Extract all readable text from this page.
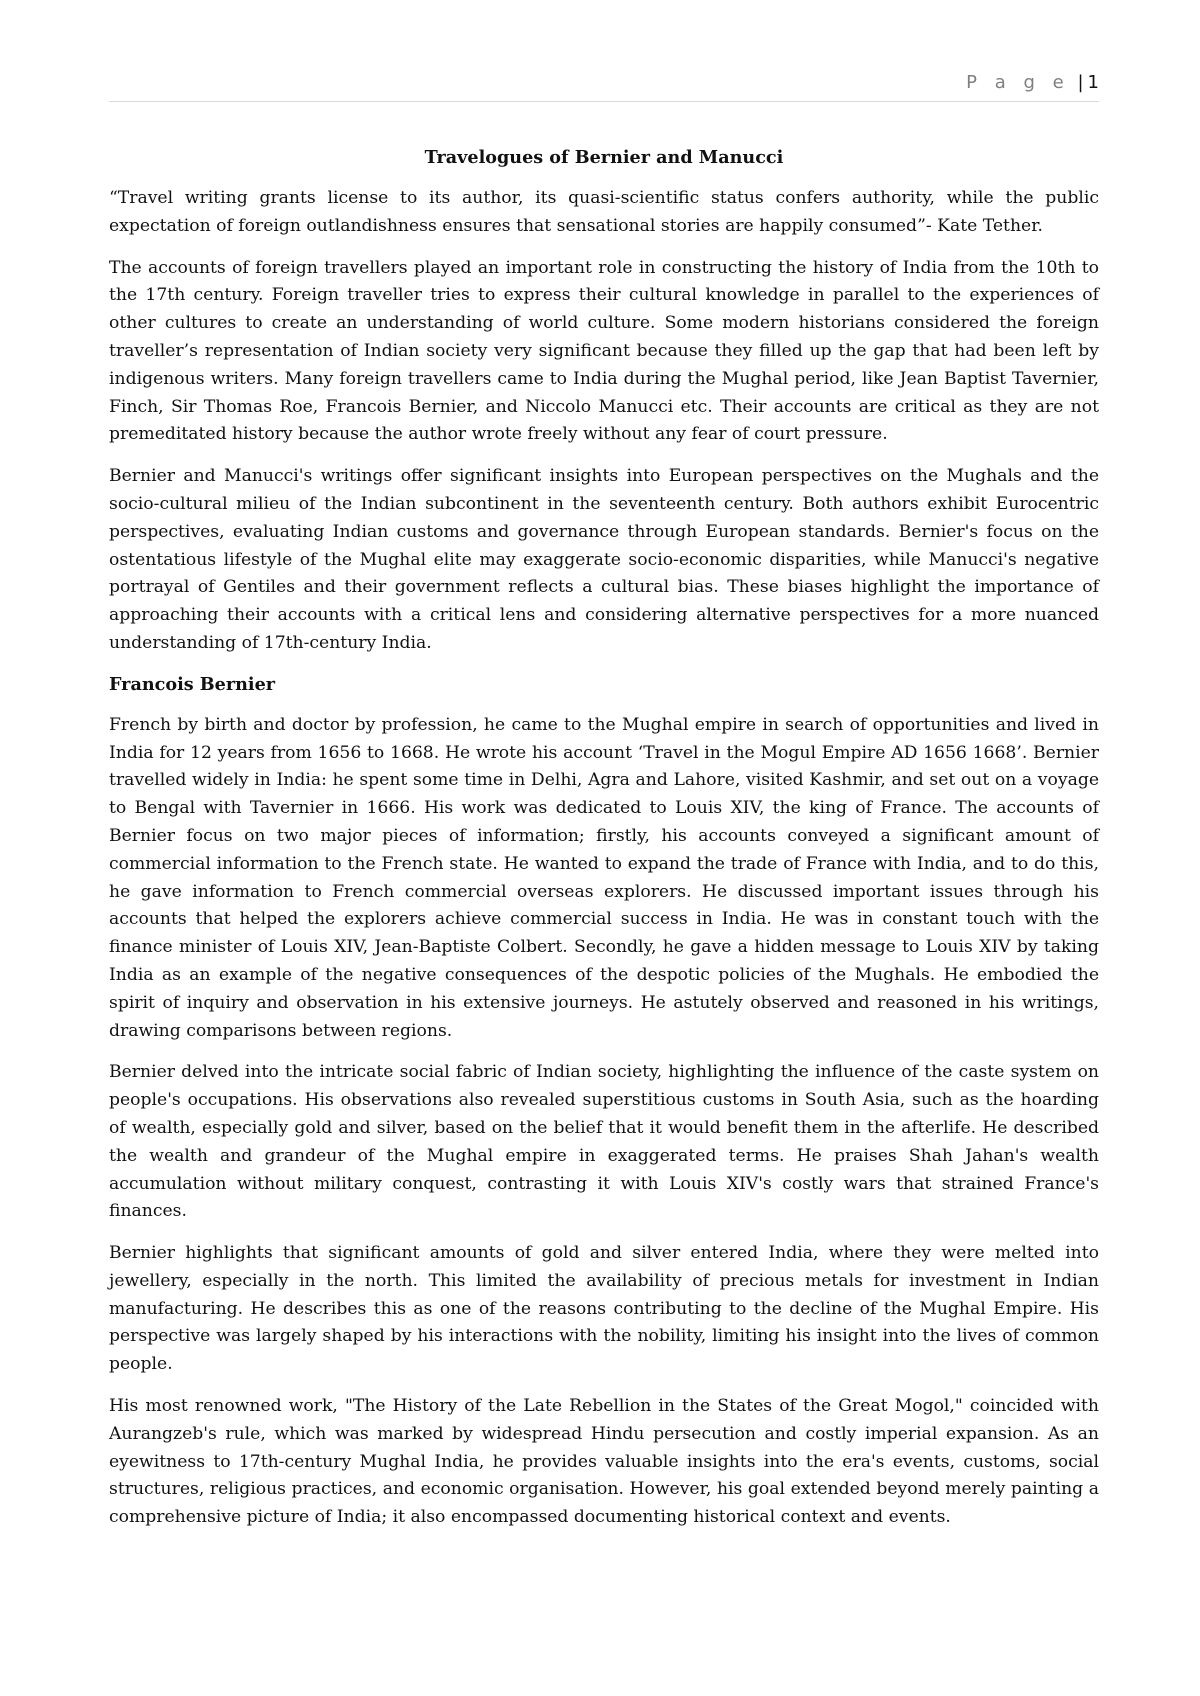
P a g e | 1
Travelogues of Bernier and Manucci

“Travel writing grants license to its author, its quasi-scientific status confers authority, while the public expectation of foreign outlandishness ensures that sensational stories are happily consumed”- Kate Tether.

The accounts of foreign travellers played an important role in constructing the history of India from the 10th to the 17th century. Foreign traveller tries to express their cultural knowledge in parallel to the experiences of other cultures to create an understanding of world culture. Some modern historians considered the foreign traveller’s representation of Indian society very significant because they filled up the gap that had been left by indigenous writers. Many foreign travellers came to India during the Mughal period, like Jean Baptist Tavernier, Finch, Sir Thomas Roe, Francois Bernier, and Niccolo Manucci etc. Their accounts are critical as they are not premeditated history because the author wrote freely without any fear of court pressure.

Bernier and Manucci's writings offer significant insights into European perspectives on the Mughals and the socio-cultural milieu of the Indian subcontinent in the seventeenth century. Both authors exhibit Eurocentric perspectives, evaluating Indian customs and governance through European standards. Bernier's focus on the ostentatious lifestyle of the Mughal elite may exaggerate socio-economic disparities, while Manucci's negative portrayal of Gentiles and their government reflects a cultural bias. These biases highlight the importance of approaching their accounts with a critical lens and considering alternative perspectives for a more nuanced understanding of 17th-century India.

Francois Bernier

French by birth and doctor by profession, he came to the Mughal empire in search of opportunities and lived in India for 12 years from 1656 to 1668. He wrote his account ‘Travel in the Mogul Empire AD 1656 1668’. Bernier travelled widely in India: he spent some time in Delhi, Agra and Lahore, visited Kashmir, and set out on a voyage to Bengal with Tavernier in 1666. His work was dedicated to Louis XIV, the king of France. The accounts of Bernier focus on two major pieces of information; firstly, his accounts conveyed a significant amount of commercial information to the French state. He wanted to expand the trade of France with India, and to do this, he gave information to French commercial overseas explorers. He discussed important issues through his accounts that helped the explorers achieve commercial success in India. He was in constant touch with the finance minister of Louis XIV, Jean-Baptiste Colbert. Secondly, he gave a hidden message to Louis XIV by taking India as an example of the negative consequences of the despotic policies of the Mughals. He embodied the spirit of inquiry and observation in his extensive journeys. He astutely observed and reasoned in his writings, drawing comparisons between regions.

Bernier delved into the intricate social fabric of Indian society, highlighting the influence of the caste system on people's occupations. His observations also revealed superstitious customs in South Asia, such as the hoarding of wealth, especially gold and silver, based on the belief that it would benefit them in the afterlife. He described the wealth and grandeur of the Mughal empire in exaggerated terms. He praises Shah Jahan's wealth accumulation without military conquest, contrasting it with Louis XIV's costly wars that strained France's finances.

Bernier highlights that significant amounts of gold and silver entered India, where they were melted into jewellery, especially in the north. This limited the availability of precious metals for investment in Indian manufacturing. He describes this as one of the reasons contributing to the decline of the Mughal Empire. His perspective was largely shaped by his interactions with the nobility, limiting his insight into the lives of common people.

His most renowned work, "The History of the Late Rebellion in the States of the Great Mogol," coincided with Aurangzeb's rule, which was marked by widespread Hindu persecution and costly imperial expansion. As an eyewitness to 17th-century Mughal India, he provides valuable insights into the era's events, customs, social structures, religious practices, and economic organisation. However, his goal extended beyond merely painting a comprehensive picture of India; it also encompassed documenting historical context and events.
